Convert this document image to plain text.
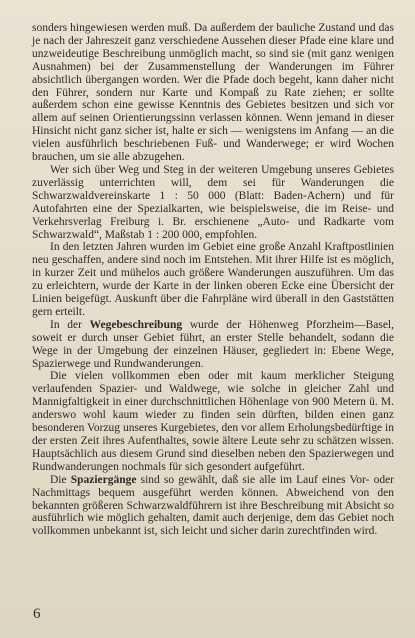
sonders hingewiesen werden muß. Da außerdem der bauliche Zustand und das je nach der Jahreszeit ganz verschiedene Aussehen dieser Pfade eine klare und unzweideutige Beschreibung unmöglich macht, so sind sie (mit ganz wenigen Ausnahmen) bei der Zusammenstellung der Wanderungen im Führer absichtlich übergangen worden. Wer die Pfade doch begeht, kann daher nicht den Führer, sondern nur Karte und Kompaß zu Rate ziehen; er sollte außerdem schon eine gewisse Kenntnis des Gebietes besitzen und sich vor allem auf seinen Orientierungssinn verlassen können. Wenn jemand in dieser Hinsicht nicht ganz sicher ist, halte er sich — wenigstens im Anfang — an die vielen ausführlich beschriebenen Fuß- und Wanderwege; er wird Wochen brauchen, um sie alle abzugehen.

Wer sich über Weg und Steg in der weiteren Umgebung unseres Gebietes zuverlässig unterrichten will, dem sei für Wanderungen die Schwarzwaldvereinskarte 1 : 50 000 (Blatt: Baden-Achern) und für Autofahrten eine der Spezialkarten, wie beispielsweise, die im Reise- und Verkehrsverlag Freiburg i. Br. erschienene „Auto- und Radkarte vom Schwarzwald“, Maßstab 1 : 200 000, empfohlen.

In den letzten Jahren wurden im Gebiet eine große Anzahl Kraftpostlinien neu geschaffen, andere sind noch im Entstehen. Mit ihrer Hilfe ist es möglich, in kurzer Zeit und mühelos auch größere Wanderungen auszuführen. Um das zu erleichtern, wurde der Karte in der linken oberen Ecke eine Übersicht der Linien beigefügt. Auskunft über die Fahrpläne wird überall in den Gaststätten gern erteilt.

In der Wegebeschreibung wurde der Höhenweg Pforzheim—Basel, soweit er durch unser Gebiet führt, an erster Stelle behandelt, sodann die Wege in der Umgebung der einzelnen Häuser, gegliedert in: Ebene Wege, Spazierwege und Rundwanderungen.

Die vielen vollkommen eben oder mit kaum merklicher Steigung verlaufenden Spazier- und Waldwege, wie solche in gleicher Zahl und Mannigfaltigkeit in einer durchschnittlichen Höhenlage von 900 Metern ü. M. anderswo wohl kaum wieder zu finden sein dürften, bilden einen ganz besonderen Vorzug unseres Kurgebietes, den vor allem Erholungsbedürftige in der ersten Zeit ihres Aufenthaltes, sowie ältere Leute sehr zu schätzen wissen. Hauptsächlich aus diesem Grund sind dieselben neben den Spazierwegen und Rundwanderungen nochmals für sich gesondert aufgeführt.

Die Spaziergänge sind so gewählt, daß sie alle im Lauf eines Vor- oder Nachmittags bequem ausgeführt werden können. Abweichend von den bekannten größeren Schwarzwaldführern ist ihre Beschreibung mit Absicht so ausführlich wie möglich gehalten, damit auch derjenige, dem das Gebiet noch vollkommen unbekannt ist, sich leicht und sicher darin zurechtfinden wird.

6
